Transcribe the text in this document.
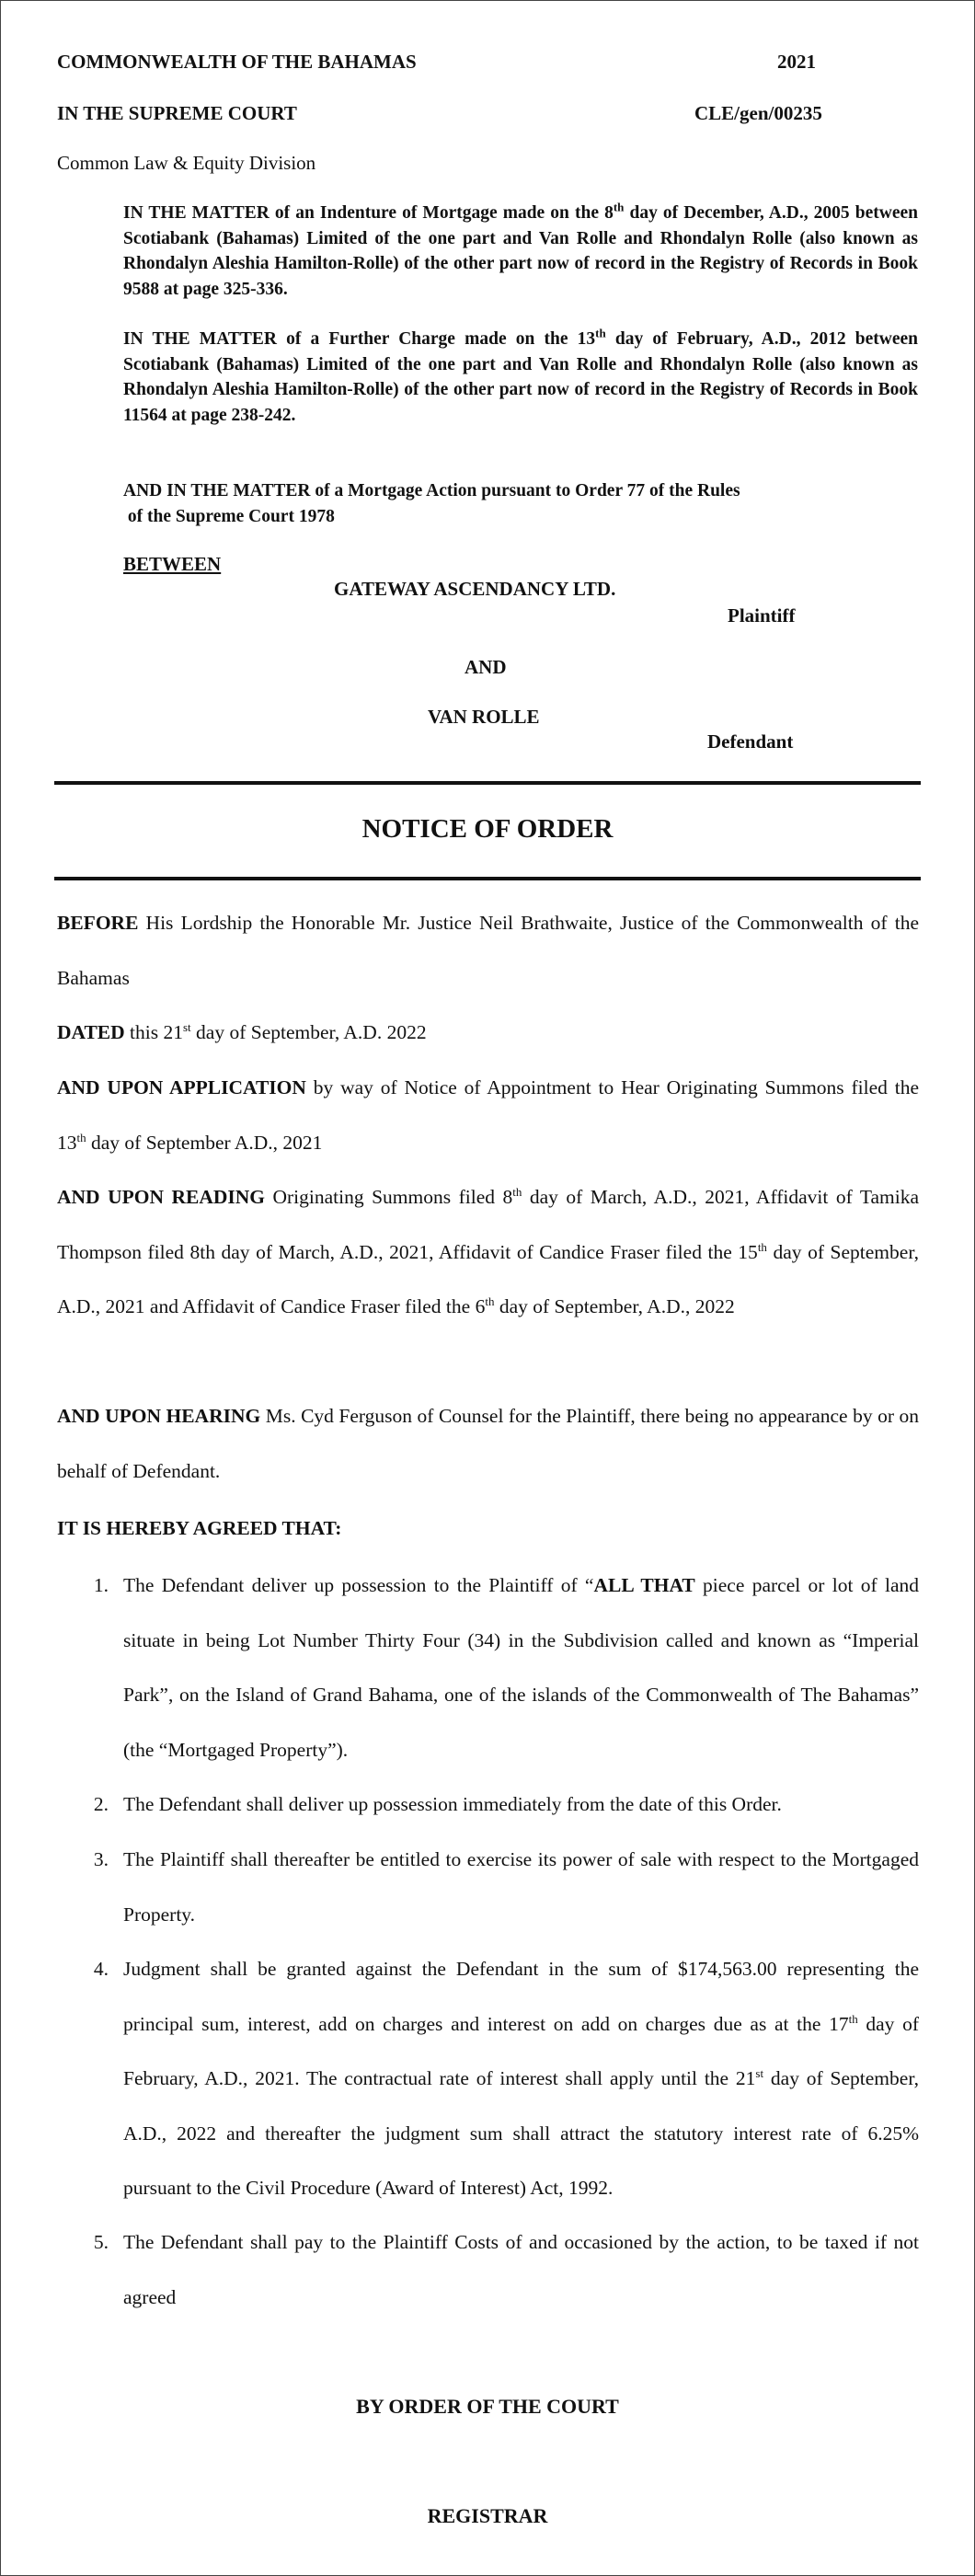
COMMONWEALTH OF THE BAHAMAS	2021
IN THE SUPREME COURT	CLE/gen/00235
Common Law & Equity Division
IN THE MATTER of an Indenture of Mortgage made on the 8th day of December, A.D., 2005 between Scotiabank (Bahamas) Limited of the one part and Van Rolle and Rhondalyn Rolle (also known as Rhondalyn Aleshia Hamilton-Rolle) of the other part now of record in the Registry of Records in Book 9588 at page 325-336.
IN THE MATTER of a Further Charge made on the 13th day of February, A.D., 2012 between Scotiabank (Bahamas) Limited of the one part and Van Rolle and Rhondalyn Rolle (also known as Rhondalyn Aleshia Hamilton-Rolle) of the other part now of record in the Registry of Records in Book 11564 at page 238-242.
AND IN THE MATTER of a Mortgage Action pursuant to Order 77 of the Rules
of the Supreme Court 1978
BETWEEN
GATEWAY ASCENDANCY LTD.
Plaintiff
AND
VAN ROLLE
Defendant
NOTICE OF ORDER
BEFORE His Lordship the Honorable Mr. Justice Neil Brathwaite, Justice of the Commonwealth of the Bahamas
DATED this 21st day of September, A.D. 2022
AND UPON APPLICATION by way of Notice of Appointment to Hear Originating Summons filed the 13th day of September A.D., 2021
AND UPON READING Originating Summons filed 8th day of March, A.D., 2021, Affidavit of Tamika Thompson filed 8th day of March, A.D., 2021, Affidavit of Candice Fraser filed the 15th day of September, A.D., 2021 and Affidavit of Candice Fraser filed the 6th day of September, A.D., 2022
AND UPON HEARING Ms. Cyd Ferguson of Counsel for the Plaintiff, there being no appearance by or on behalf of Defendant.
IT IS HEREBY AGREED THAT:
1. The Defendant deliver up possession to the Plaintiff of “ALL THAT piece parcel or lot of land situate in being Lot Number Thirty Four (34) in the Subdivision called and known as “Imperial Park”, on the Island of Grand Bahama, one of the islands of the Commonwealth of The Bahamas” (the “Mortgaged Property”).
2. The Defendant shall deliver up possession immediately from the date of this Order.
3. The Plaintiff shall thereafter be entitled to exercise its power of sale with respect to the Mortgaged Property.
4. Judgment shall be granted against the Defendant in the sum of $174,563.00 representing the principal sum, interest, add on charges and interest on add on charges due as at the 17th day of February, A.D., 2021. The contractual rate of interest shall apply until the 21st day of September, A.D., 2022 and thereafter the judgment sum shall attract the statutory interest rate of 6.25% pursuant to the Civil Procedure (Award of Interest) Act, 1992.
5. The Defendant shall pay to the Plaintiff Costs of and occasioned by the action, to be taxed if not agreed
BY ORDER OF THE COURT
REGISTRAR
